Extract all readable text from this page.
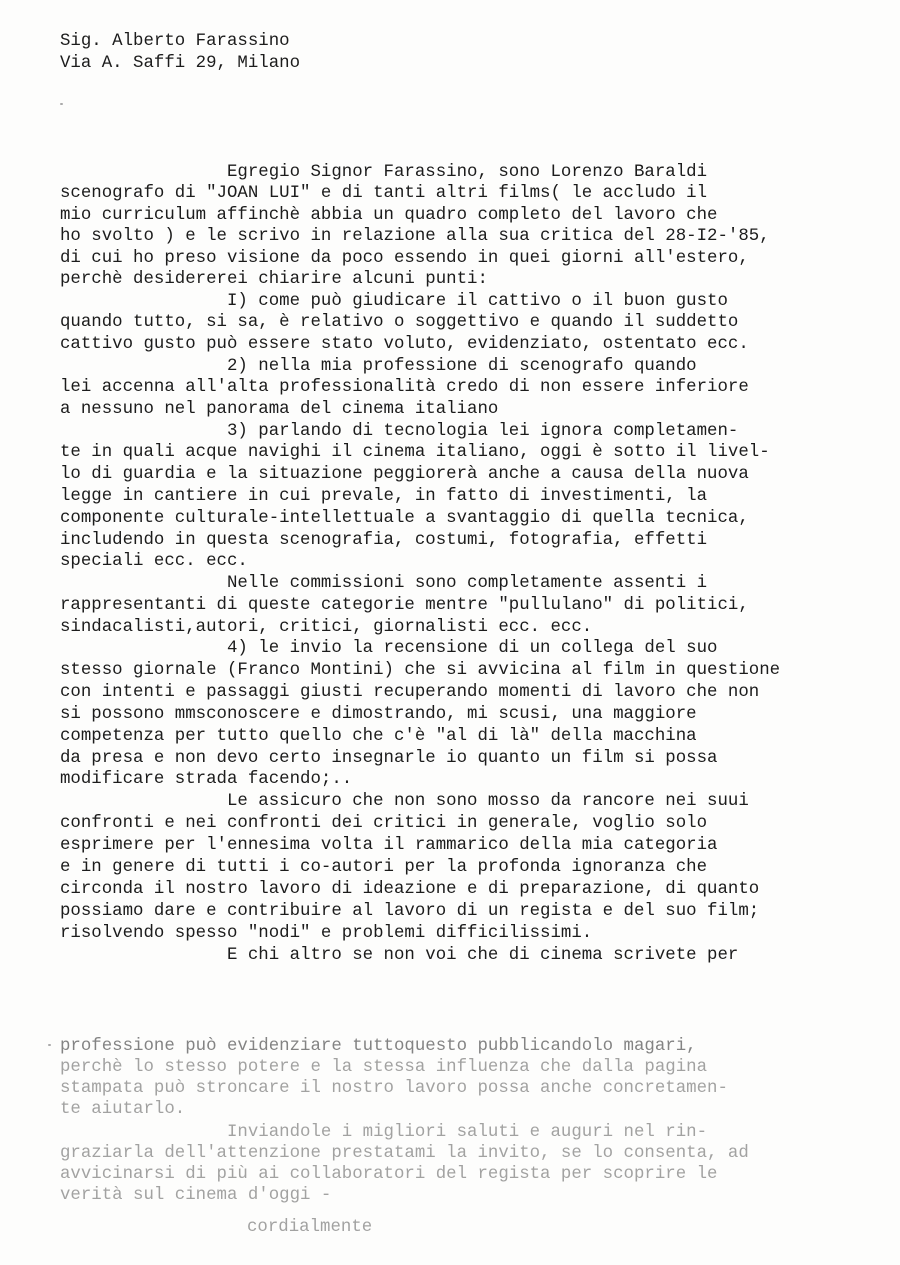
Sig. Alberto Farassino

Via A. Saffi 29, Milano

Egregio Signor Farassino, sono Lorenzo Baraldi

scenografo di "JOAN LUI" e di tanti altri films( le accludo il

mio curriculum affinchè abbia un quadro completo del lavoro che

ho svolto ) e le scrivo in relazione alla sua critica del 28-I2-'85,

di cui ho preso visione da poco essendo in quei giorni all'estero,

perchè desidererei chiarire alcuni punti:

I) come può giudicare il cattivo o il buon gusto

quando tutto, si sa, è relativo o soggettivo e quando il suddetto

cattivo gusto può essere stato voluto, evidenziato, ostentato ecc.

2) nella mia professione di scenografo quando

lei accenna all'alta professionalità credo di non essere inferiore

a nessuno nel panorama del cinema italiano

3) parlando di tecnologia lei ignora completamen-

te in quali acque navighi il cinema italiano, oggi è sotto il livel-

lo di guardia e la situazione peggiorerà anche a causa della nuova

legge in cantiere in cui prevale, in fatto di investimenti, la

componente culturale-intellettuale a svantaggio di quella tecnica,

includendo in questa scenografia, costumi, fotografia, effetti

speciali ecc. ecc.

Nelle commissioni sono completamente assenti i

rappresentanti di queste categorie mentre "pullulano" di politici,

sindacalisti,autori, critici, giornalisti ecc. ecc.

4) le invio la recensione di un collega del suo

stesso giornale (Franco Montini) che si avvicina al film in questione

con intenti e passaggi giusti recuperando momenti di lavoro che non

si possono mmsconoscere e dimostrando, mi scusi, una maggiore

competenza per tutto quello che c'è "al di là" della macchina

da presa e non devo certo insegnarle io quanto un film si possa

modificare strada facendo;..

Le assicuro che non sono mosso da rancore nei suui

confronti e nei confronti dei critici in generale, voglio solo

esprimere per l'ennesima volta il rammarico della mia categoria

e in genere di tutti i co-autori per la profonda ignoranza che

circonda il nostro lavoro di ideazione e di preparazione, di quanto

possiamo dare e contribuire al lavoro di un regista e del suo film;

risolvendo spesso "nodi" e problemi difficilissimi.

E chi altro se non voi che di cinema scrivete per

professione può evidenziare tuttoquesto pubblicandolo magari,

perchè lo stesso potere e la stessa influenza che dalla pagina

stampata può stroncare il nostro lavoro possa anche concretamen-

te aiutarlo.

Inviandole i migliori saluti e auguri nel rin-

graziarla dell'attenzione prestatami la invito, se lo consenta, ad

avvicinarsi di più ai collaboratori del regista per scoprire le

verità sul cinema d'oggi -

cordialmente
